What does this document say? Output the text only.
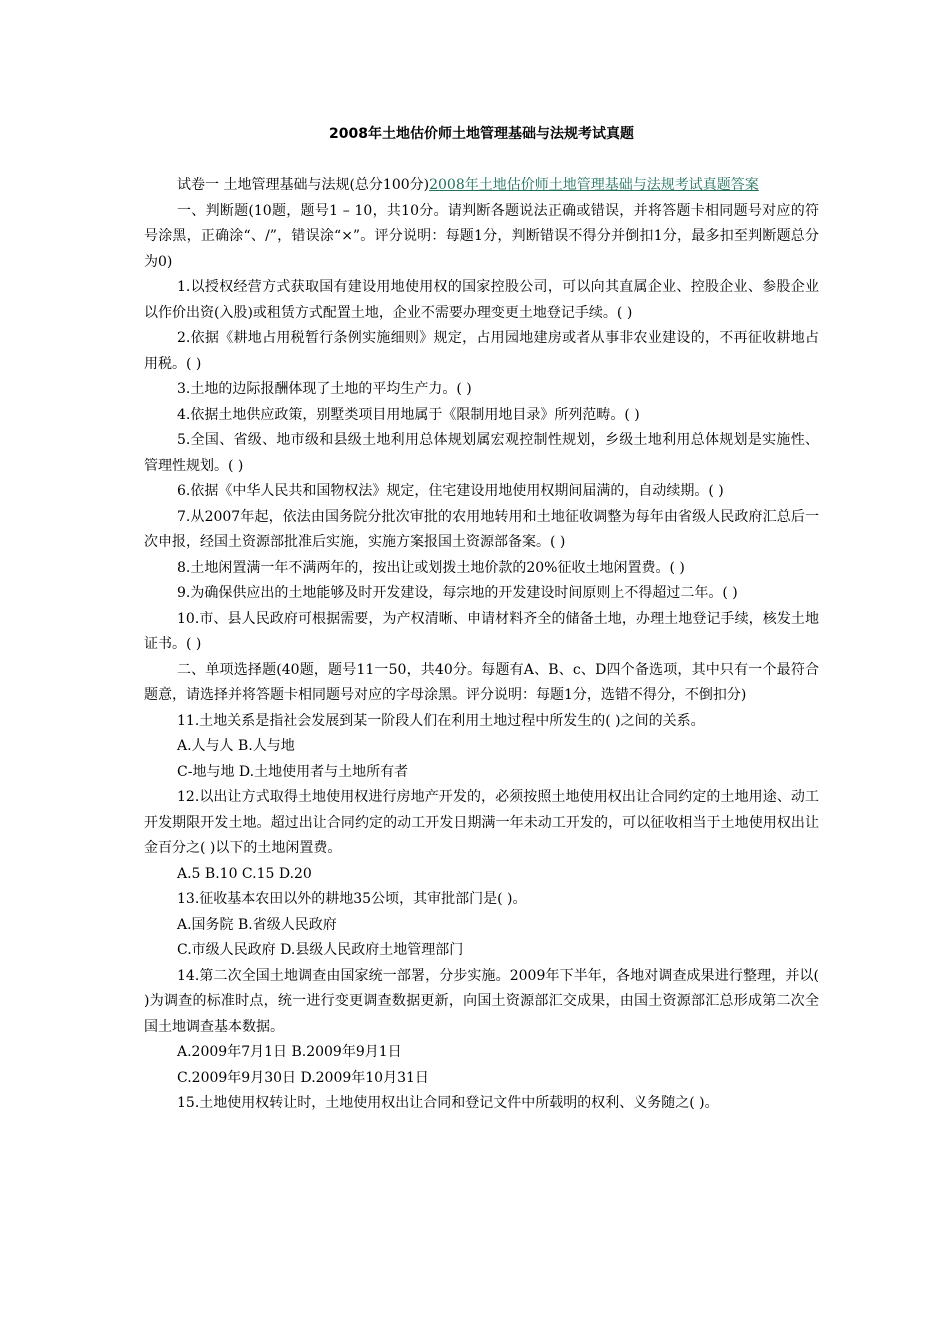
2008年土地估价师土地管理基础与法规考试真题

试卷一 土地管理基础与法规(总分100分)2008年土地估价师土地管理基础与法规考试真题答案

一、判断题(10题，题号1 – 10，共10分。请判断各题说法正确或错误，并将答题卡相同题号对应的符号涂黑，正确涂“、/”，错误涂“×”。评分说明：每题1分，判断错误不得分并倒扣1分，最多扣至判断题总分为0)

1.以授权经营方式获取国有建设用地使用权的国家控股公司，可以向其直属企业、控股企业、参股企业以作价出资(入股)或租赁方式配置土地，企业不需要办理变更土地登记手续。( )

2.依据《耕地占用税暂行条例实施细则》规定，占用园地建房或者从事非农业建设的，不再征收耕地占用税。( )

3.土地的边际报酬体现了土地的平均生产力。( )

4.依据土地供应政策，别墅类项目用地属于《限制用地目录》所列范畴。( )

5.全国、省级、地市级和县级土地利用总体规划属宏观控制性规划，乡级土地利用总体规划是实施性、管理性规划。( )

6.依据《中华人民共和国物权法》规定，住宅建设用地使用权期间届满的，自动续期。( )

7.从2007年起，依法由国务院分批次审批的农用地转用和土地征收调整为每年由省级人民政府汇总后一次申报，经国土资源部批准后实施，实施方案报国土资源部备案。( )

8.土地闲置满一年不满两年的，按出让或划拨土地价款的20%征收土地闲置费。( )

9.为确保供应出的土地能够及时开发建设，每宗地的开发建设时间原则上不得超过二年。( )

10.市、县人民政府可根据需要，为产权清晰、申请材料齐全的储备土地，办理土地登记手续，核发土地证书。( )

二、单项选择题(40题，题号11一50，共40分。每题有A、B、c、D四个备选项，其中只有一个最符合题意，请选择并将答题卡相同题号对应的字母涂黑。评分说明：每题1分，选错不得分，不倒扣分)

11.土地关系是指社会发展到某一阶段人们在利用土地过程中所发生的( )之间的关系。

A.人与人 B.人与地

C-地与地 D.土地使用者与土地所有者

12.以出让方式取得土地使用权进行房地产开发的，必须按照土地使用权出让合同约定的土地用途、动工开发期限开发土地。超过出让合同约定的动工开发日期满一年未动工开发的，可以征收相当于土地使用权出让金百分之( )以下的土地闲置费。

A.5 B.10 C.15 D.20

13.征收基本农田以外的耕地35公顷，其审批部门是( )。

A.国务院 B.省级人民政府

C.市级人民政府 D.县级人民政府土地管理部门

14.第二次全国土地调查由国家统一部署，分步实施。2009年下半年，各地对调查成果进行整理，并以( )为调查的标准时点，统一进行变更调查数据更新，向国土资源部汇交成果，由国土资源部汇总形成第二次全国土地调查基本数据。

A.2009年7月1日 B.2009年9月1日

C.2009年9月30日 D.2009年10月31日

15.土地使用权转让时，土地使用权出让合同和登记文件中所载明的权利、义务随之( )。
